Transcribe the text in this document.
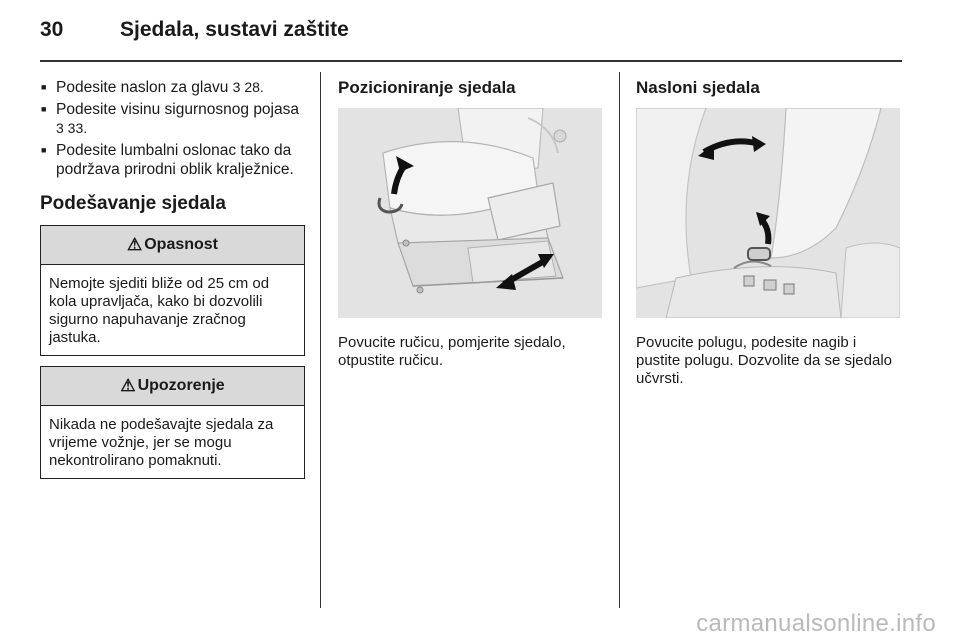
30	Sjedala, sustavi zaštite
■ Podesite naslon za glavu 3 28.
■ Podesite visinu sigurnosnog pojasa
3 33.
■ Podesite lumbalni oslonac tako da podržava prirodni oblik kralježnice.
Podešavanje sjedala
⚠ Opasnost
Nemojte sjediti bliže od 25 cm od kola upravljača, kako bi dozvolili sigurno napuhavanje zračnog jastuka.
⚠ Upozorenje
Nikada ne podešavajte sjedala za vrijeme vožnje, jer se mogu nekontrolirano pomaknuti.
Pozicioniranje sjedala
Povucite ručicu, pomjerite sjedalo, otpustite ručicu.
Nasloni sjedala
Povucite polugu, podesite nagib i pustite polugu. Dozvolite da se sjedalo učvrsti.
carmanualsonline.info
